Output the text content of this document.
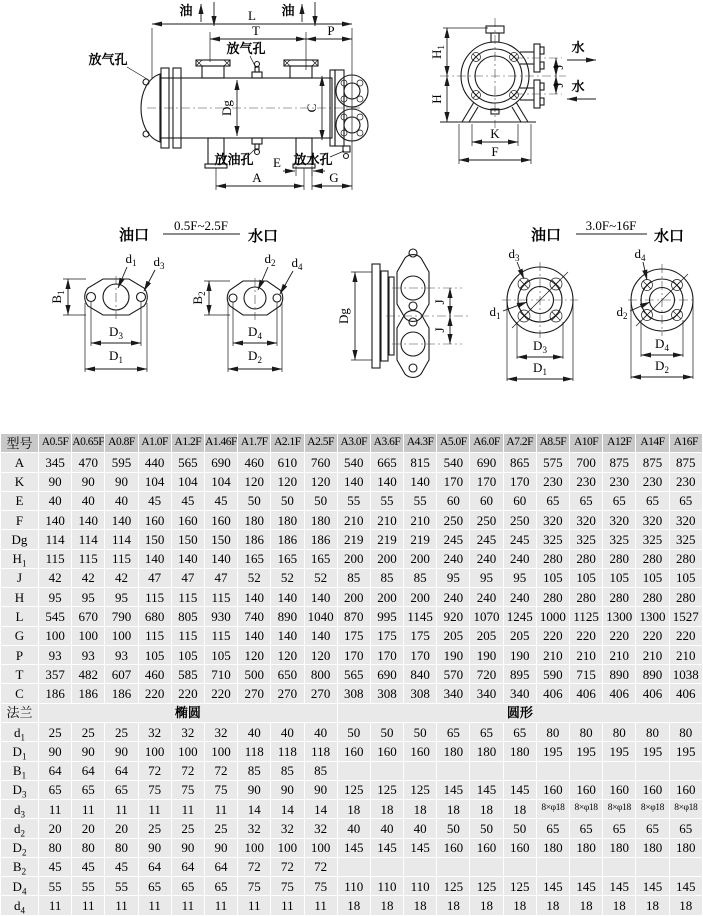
油	油
L
T	P
放气孔
放气孔
Dg	C
放油孔	放水孔
E
A	G
水
水
J
J
$H_1$
H
K
F
油口
0.5F~2.5F
水口
$d_1$ $d_3$
$B_1$
$D_3$
$D_1$
$d_2$ $d_4$
$B_2$
$D_4$
$D_2$
Dg
J
J
油口
3.0F~16F
水口
$d_3$
$d_1$
$D_3$
$D_1$
$d_4$
$d_2$
$D_4$
$D_2$
型号	A0.5F	A0.65F	A0.8F	A1.0F	A1.2F	A1.46F	A1.7F	A2.1F	A2.5F	A3.0F	A3.6F	A4.3F	A5.0F	A6.0F	A7.2F	A8.5F	A10F	A12F	A14F	A16F
A	345	470	595	440	565	690	460	610	760	540	665	815	540	690	865	575	700	875	875	875
K	90	90	90	104	104	104	120	120	120	140	140	140	170	170	170	230	230	230	230	230
E	40	40	40	45	45	45	50	50	50	55	55	55	60	60	60	65	65	65	65	65
F	140	140	140	160	160	160	180	180	180	210	210	210	250	250	250	320	320	320	320	320
Dg	114	114	114	150	150	150	186	186	186	219	219	219	245	245	245	325	325	325	325	325
$H_1$	115	115	115	140	140	140	165	165	165	200	200	200	240	240	240	280	280	280	280	280
J	42	42	42	47	47	47	52	52	52	85	85	85	95	95	95	105	105	105	105	105
H	95	95	95	115	115	115	140	140	140	200	200	200	240	240	240	280	280	280	280	280
L	545	670	790	680	805	930	740	890	1040	870	995	1145	920	1070	1245	1000	1125	1300	1300	1527
G	100	100	100	115	115	115	140	140	140	175	175	175	205	205	205	220	220	220	220	220
P	93	93	93	105	105	105	120	120	120	170	170	170	190	190	190	210	210	210	210	210
T	357	482	607	460	585	710	500	650	800	565	690	840	570	720	895	590	715	890	890	1038
C	186	186	186	220	220	220	270	270	270	308	308	308	340	340	340	406	406	406	406	406
法兰	椭圆									圆形										
$d_1$	25	25	25	32	32	32	40	40	40	50	50	50	65	65	65	80	80	80	80	80
$D_1$	90	90	90	100	100	100	118	118	118	160	160	160	180	180	180	195	195	195	195	195
$B_1$	64	64	64	72	72	72	85	85	85											
$D_3$	65	65	65	75	75	75	90	90	90	125	125	125	145	145	145	160	160	160	160	160
$d_3$	11	11	11	11	11	11	14	14	14	18	18	18	18	18	18	8×φ18	8×φ18	8×φ18	8×φ18	8×φ18
$d_2$	20	20	20	25	25	25	32	32	32	40	40	40	50	50	50	65	65	65	65	65
$D_2$	80	80	80	90	90	90	100	100	100	145	145	145	160	160	160	180	180	180	180	180
$B_2$	45	45	45	64	64	64	72	72	72											
$D_4$	55	55	55	65	65	65	75	75	75	110	110	110	125	125	125	145	145	145	145	145
$d_4$	11	11	11	11	11	11	11	11	11	18	18	18	18	18	18	18	18	18	18	18
